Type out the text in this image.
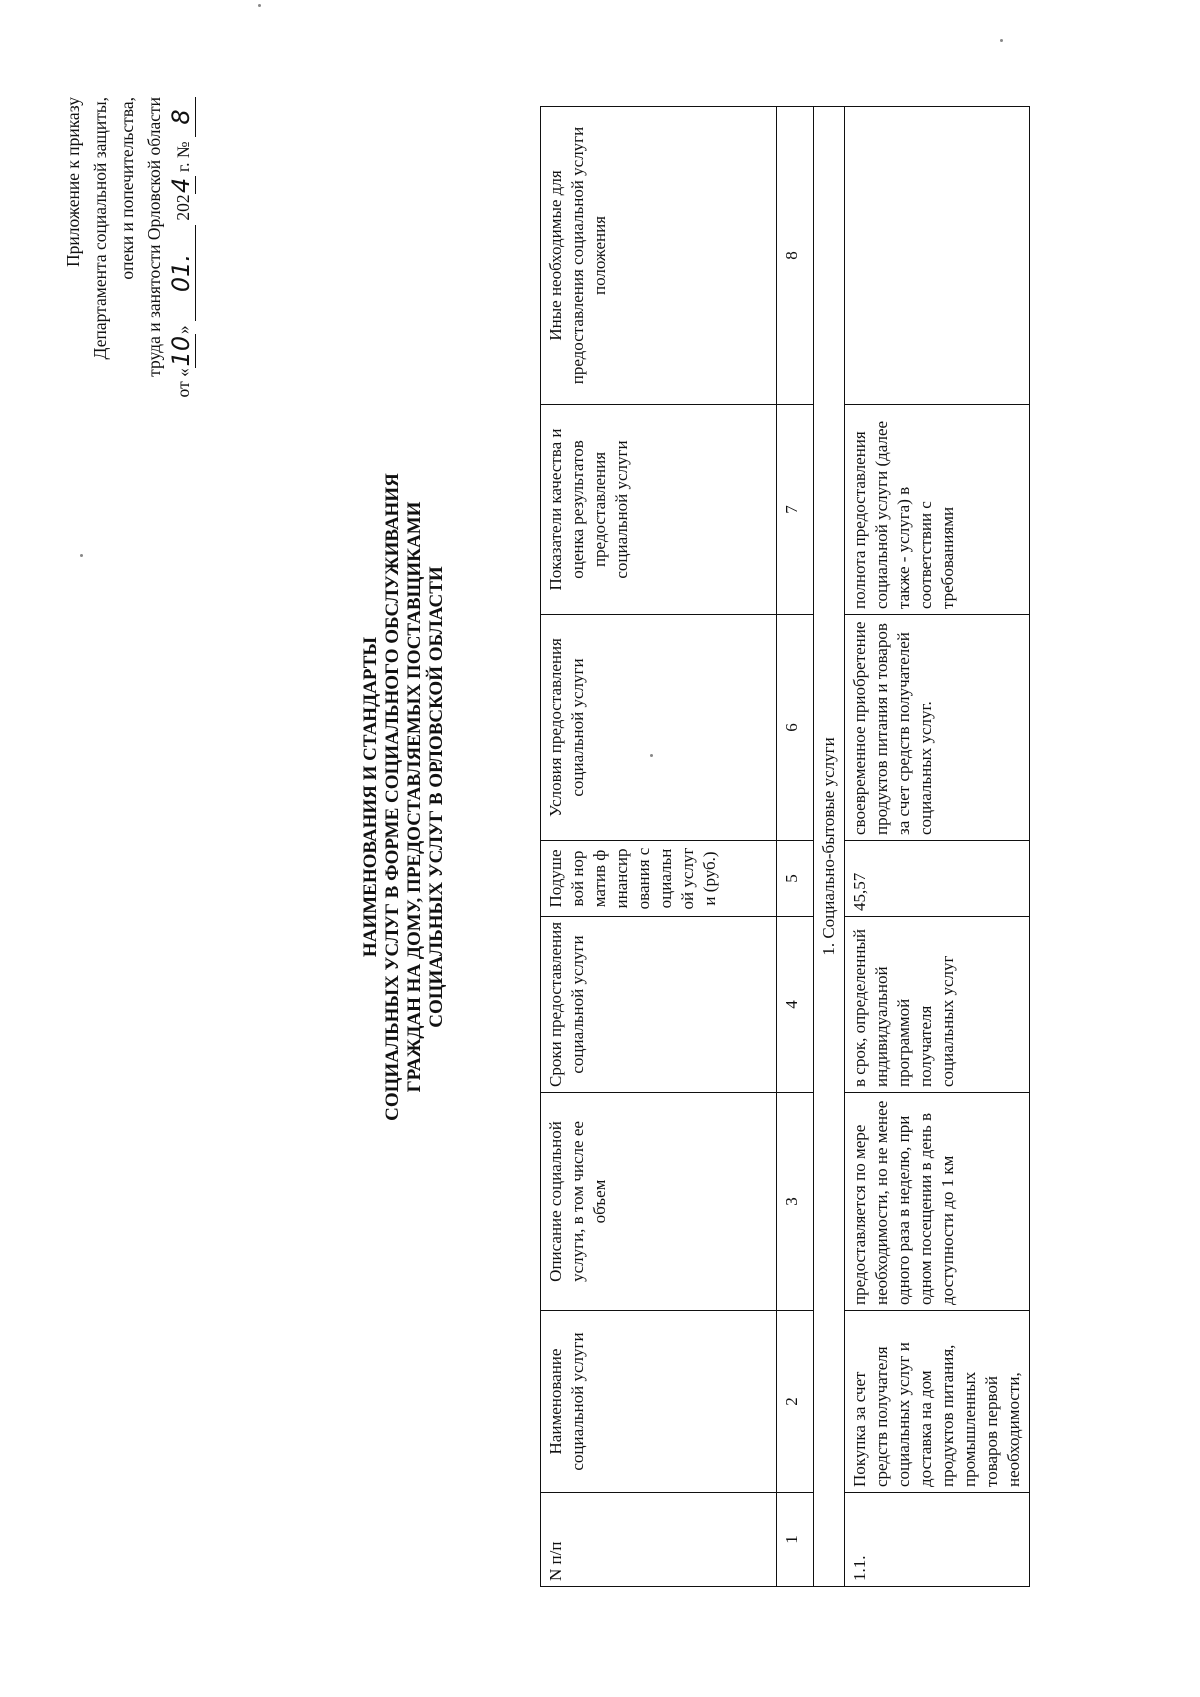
Приложение к приказу Департамента социальной защиты, опеки и попечительства, труда и занятости Орловской области
от «10» 01. 2024 г. № 8
НАИМЕНОВАНИЯ И СТАНДАРТЫ СОЦИАЛЬНЫХ УСЛУГ В ФОРМЕ СОЦИАЛЬНОГО ОБСЛУЖИВАНИЯ ГРАЖДАН НА ДОМУ, ПРЕДОСТАВЛЯЕМЫХ ПОСТАВЩИКАМИ СОЦИАЛЬНЫХ УСЛУГ В ОРЛОВСКОЙ ОБЛАСТИ
N п/п	Наименование социальной услуги	Описание социальной услуги, в том числе ее объем	Сроки предоставления социальной услуги	Подушевой норматив финансирования социальной услуги (руб.)	Условия предоставления социальной услуги	Показатели качества и оценка результатов предоставления социальной услуги	Иные необходимые для предоставления социальной услуги положения
1	2	3	4	5	6	7	8
1. Социально-бытовые услуги							
1.1.	Покупка за счет средств получателя социальных услуг и доставка на дом продуктов питания, промышленных товаров первой необходимости,	предоставляется по мере необходимости, но не менее одного раза в неделю, при одном посещении в день в доступности до 1 км	в срок, определенный индивидуальной программой получателя социальных услуг	45,57	своевременное приобретение продуктов питания и товаров за счет средств получателей социальных услуг.	полнота предоставления социальной услуги (далее также - услуга) в соответствии с требованиями	
